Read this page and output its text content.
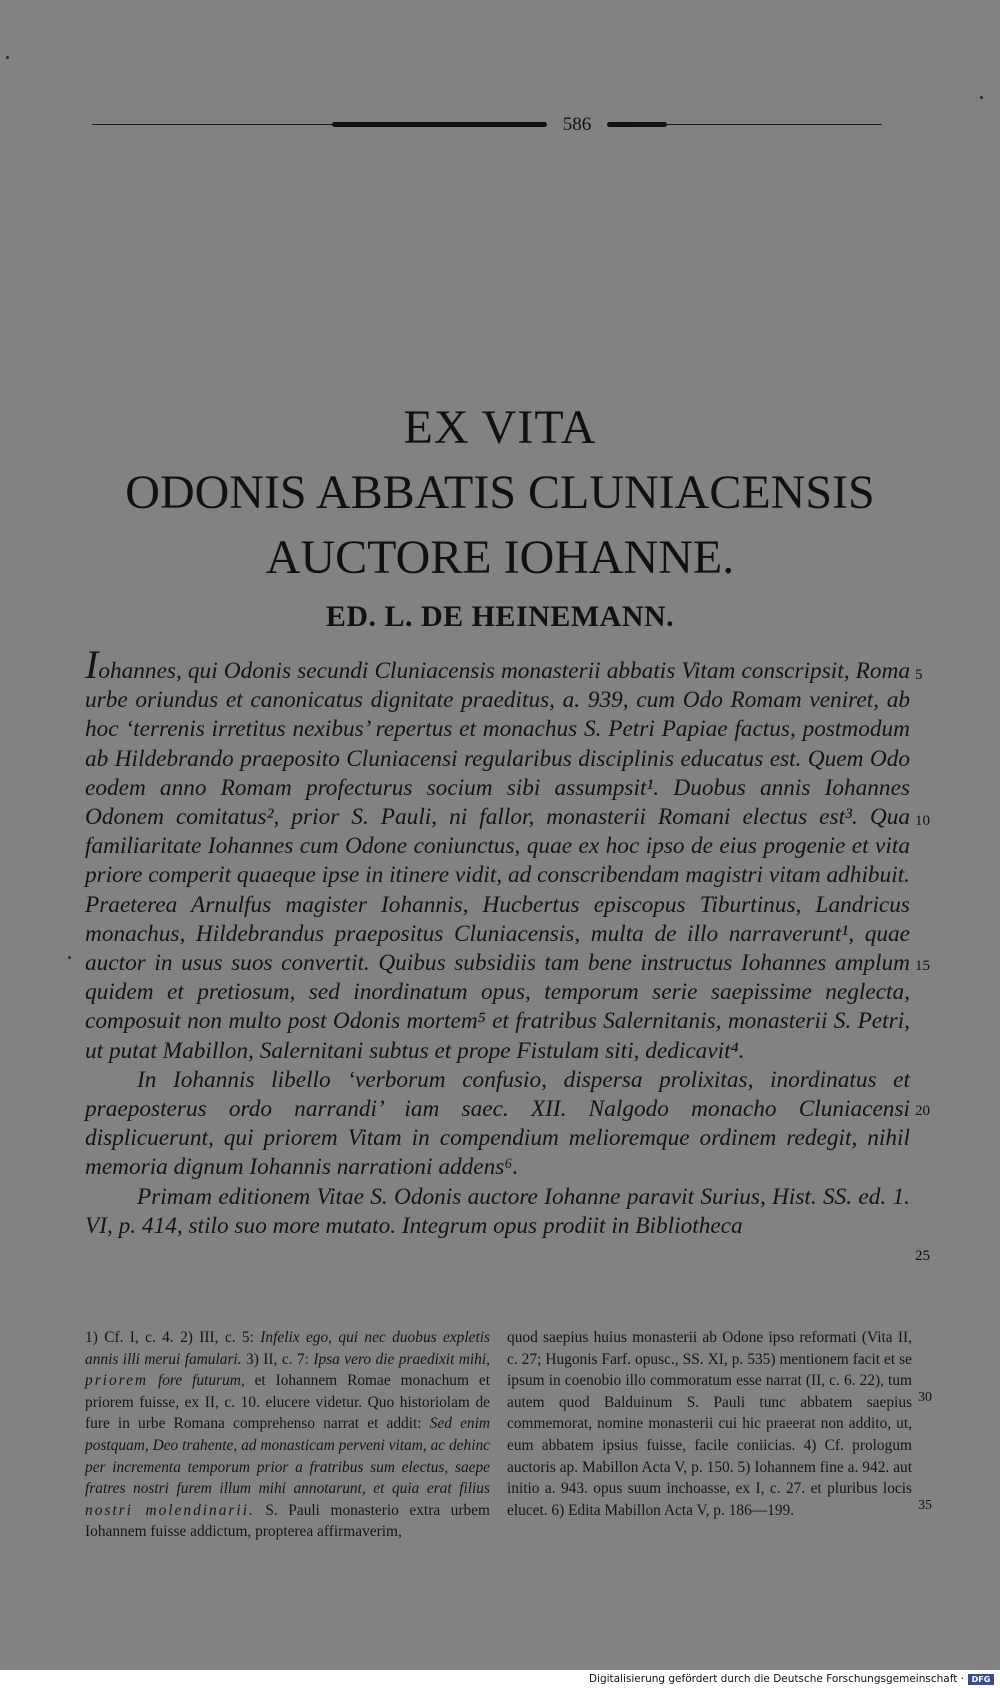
586
EX VITA
ODONIS ABBATIS CLUNIACENSIS
AUCTORE IOHANNE.
ED. L. DE HEINEMANN.

Iohannes, qui Odonis secundi Cluniacensis monasterii abbatis Vitam conscripsit, Roma urbe oriundus et canonicatus dignitate praeditus, a. 939, cum Odo Romam veniret, ab hoc ‘terrenis irretitus nexibus’ repertus et monachus S. Petri Papiae factus, postmodum ab Hildebrando praeposito Cluniacensi regularibus disciplinis educatus est. Quem Odo eodem anno Romam profecturus socium sibi assumpsit¹. Duobus annis Iohannes Odonem comitatus², prior S. Pauli, ni fallor, monasterii Romani electus est³. Qua familiaritate Iohannes cum Odone coniunctus, quae ex hoc ipso de eius progenie et vita priore comperit quaeque ipse in itinere vidit, ad conscribendam magistri vitam adhibuit. Praeterea Arnulfus magister Iohannis, Hucbertus episcopus Tiburtinus, Landricus monachus, Hildebrandus praepositus Cluniacensis, multa de illo narraverunt¹, quae auctor in usus suos convertit. Quibus subsidiis tam bene instructus Iohannes amplum quidem et pretiosum, sed inordinatum opus, temporum serie saepissime neglecta, composuit non multo post Odonis mortem⁵ et fratribus Salernitanis, monasterii S. Petri, ut putat Mabillon, Salernitani subtus et prope Fistulam siti, dedicavit⁴.

In Iohannis libello ‘verborum confusio, dispersa prolixitas, inordinatus et praeposterus ordo narrandi’ iam saec. XII. Nalgodo monacho Cluniacensi displicuerunt, qui priorem Vitam in compendium melioremque ordinem redegit, nihil memoria dignum Iohannis narrationi addens⁶.

Primam editionem Vitae S. Odonis auctore Iohanne paravit Surius, Hist. SS. ed. 1. VI, p. 414, stilo suo more mutato. Integrum opus prodiit in Bibliotheca

5
10
15
20
25
1) Cf. I, c. 4. 2) III, c. 5: Infelix ego, qui nec duobus expletis annis illi merui famulari. 3) II, c. 7: Ipsa vero die praedixit mihi, priorem fore futurum, et Iohannem Romae monachum et priorem fuisse, ex II, c. 10. elucere videtur. Quo historiolam de fure in urbe Romana comprehenso narrat et addit: Sed enim postquam, Deo trahente, ad monasticam perveni vitam, ac dehinc per incrementa temporum prior a fratribus sum electus, saepe fratres nostri furem illum mihi annotarunt, et quia erat filius nostri molendinarii. S. Pauli monasterio extra urbem Iohannem fuisse addictum, propterea affirmaverim,
quod saepius huius monasterii ab Odone ipso reformati (Vita II, c. 27; Hugonis Farf. opusc., SS. XI, p. 535) mentionem facit et se ipsum in coenobio illo commoratum esse narrat (II, c. 6. 22), tum autem quod Balduinum S. Pauli tunc abbatem saepius commemorat, nomine monasterii cui hic praeerat non addito, ut, eum abbatem ipsius fuisse, facile coniicias. 4) Cf. prologum auctoris ap. Mabillon Acta V, p. 150. 5) Iohannem fine a. 942. aut initio a. 943. opus suum inchoasse, ex I, c. 27. et pluribus locis elucet. 6) Edita Mabillon Acta V, p. 186—199.
30
35
Digitalisierung gefördert durch die Deutsche Forschungsgemeinschaft · DFG
